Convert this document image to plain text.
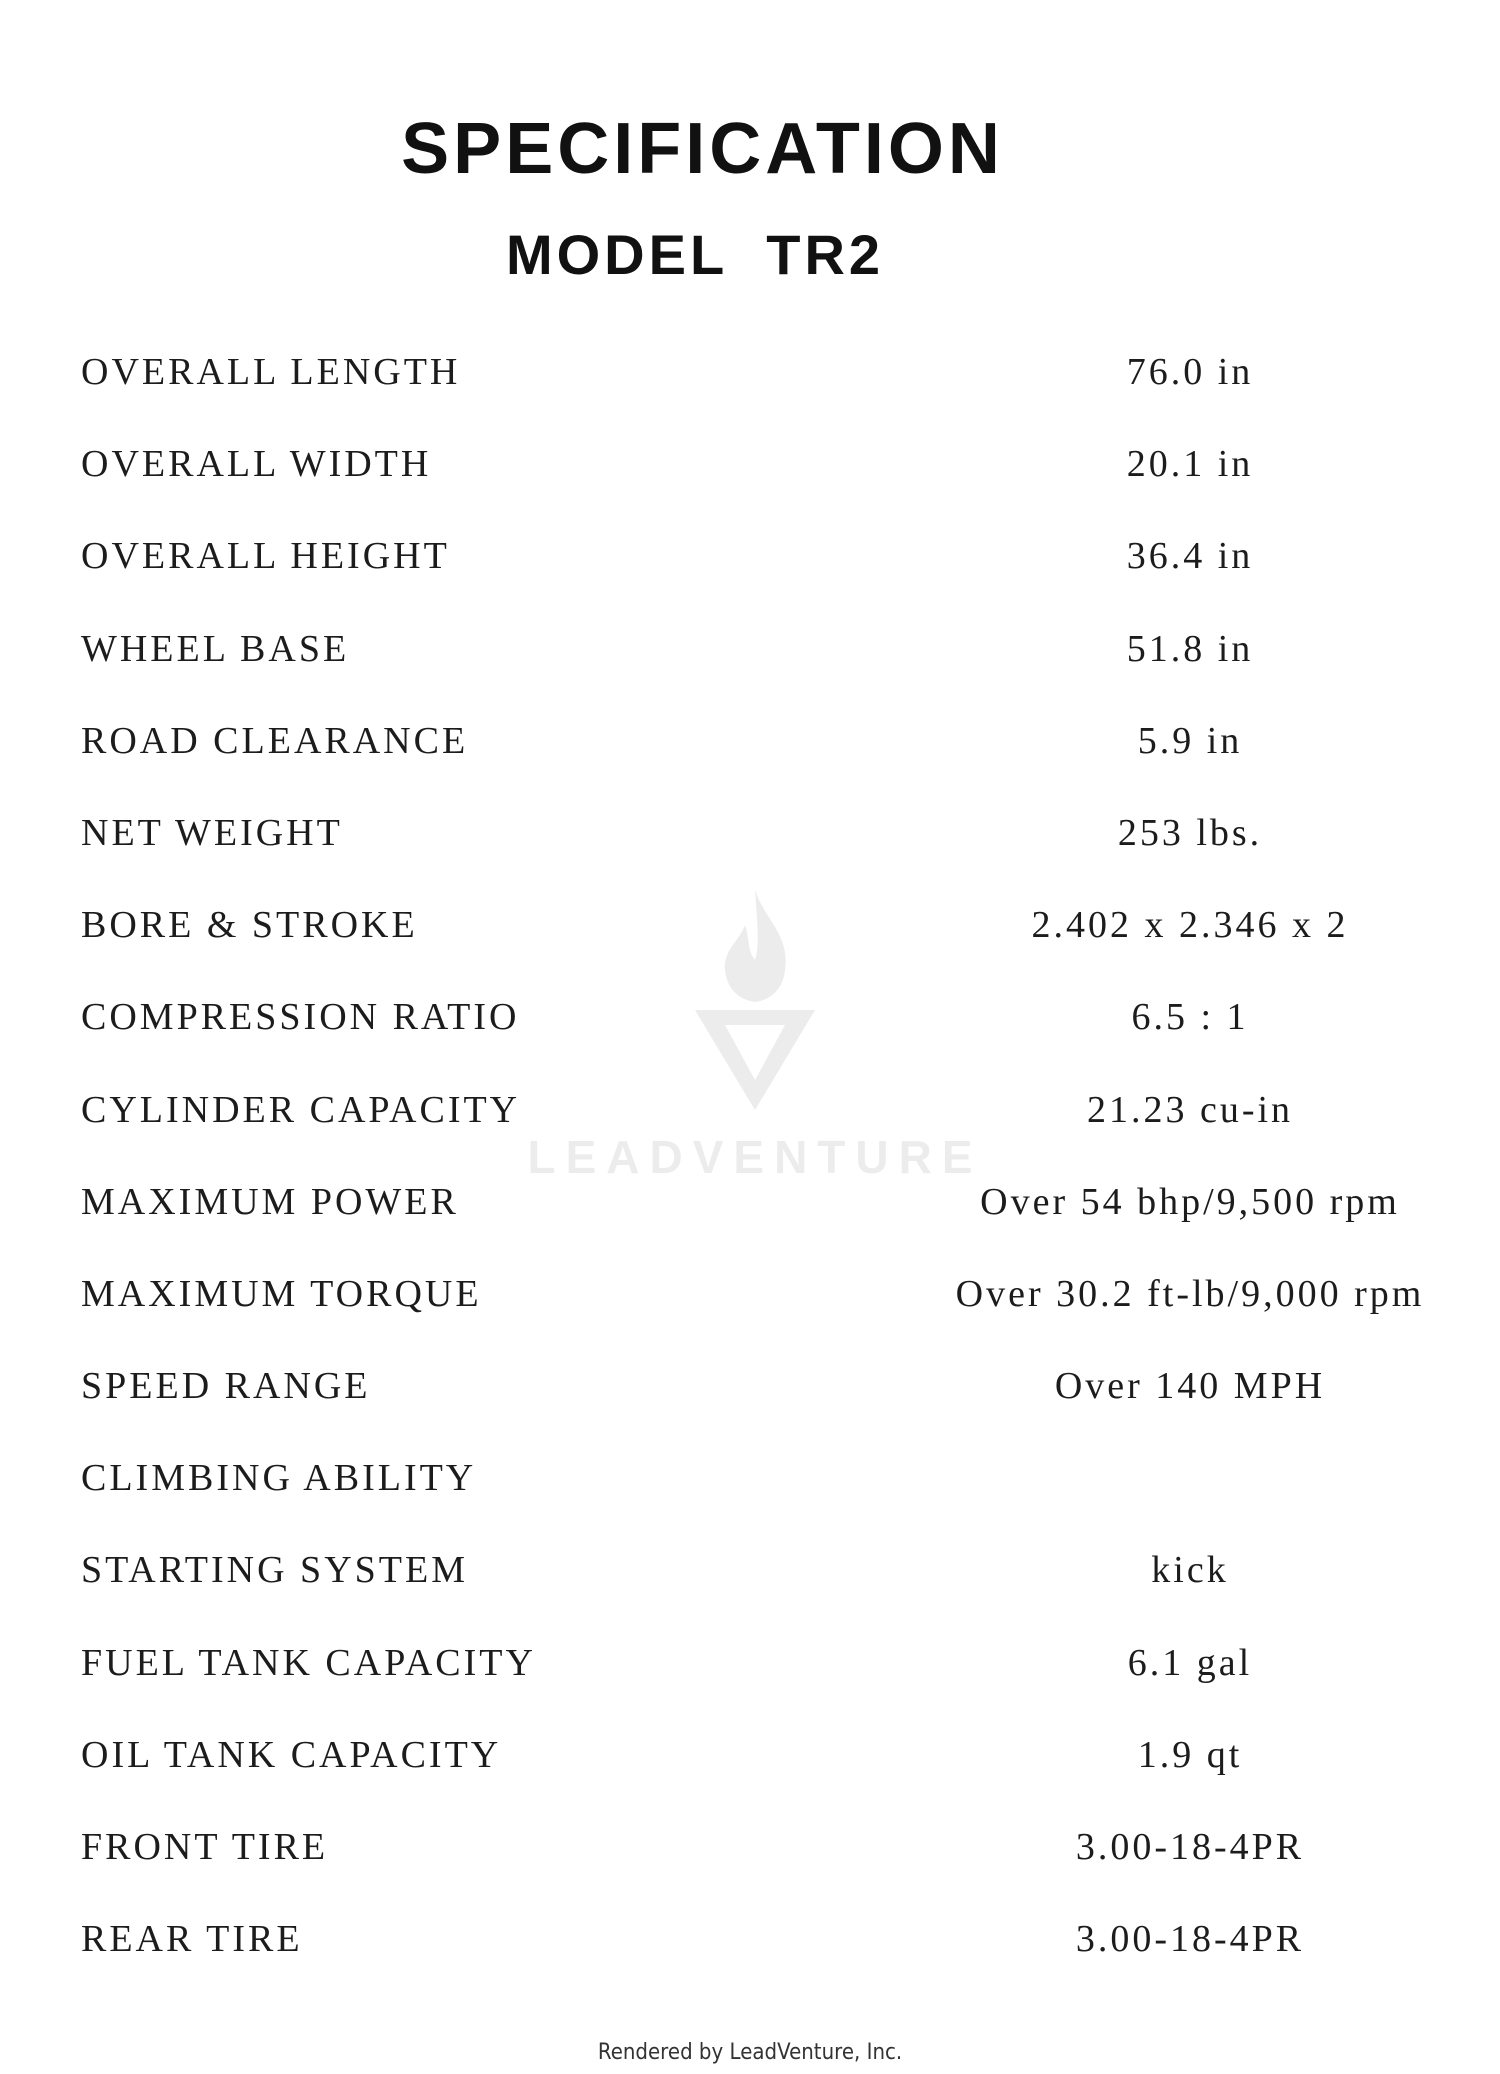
SPECIFICATION
MODEL  TR2
LEADVENTURE
OVERALL LENGTH	76.0 in
OVERALL WIDTH	20.1 in
OVERALL HEIGHT	36.4 in
WHEEL BASE	51.8 in
ROAD CLEARANCE	5.9 in
NET WEIGHT	253 lbs.
BORE & STROKE	2.402 x 2.346 x 2
COMPRESSION RATIO	6.5 : 1
CYLINDER CAPACITY	21.23 cu-in
MAXIMUM POWER	Over 54 bhp/9,500 rpm
MAXIMUM TORQUE	Over 30.2 ft-lb/9,000 rpm
SPEED RANGE	Over 140 MPH
CLIMBING ABILITY
STARTING SYSTEM	kick
FUEL TANK CAPACITY	6.1 gal
OIL TANK CAPACITY	1.9 qt
FRONT TIRE	3.00-18-4PR
REAR TIRE	3.00-18-4PR
Rendered by LeadVenture, Inc.
